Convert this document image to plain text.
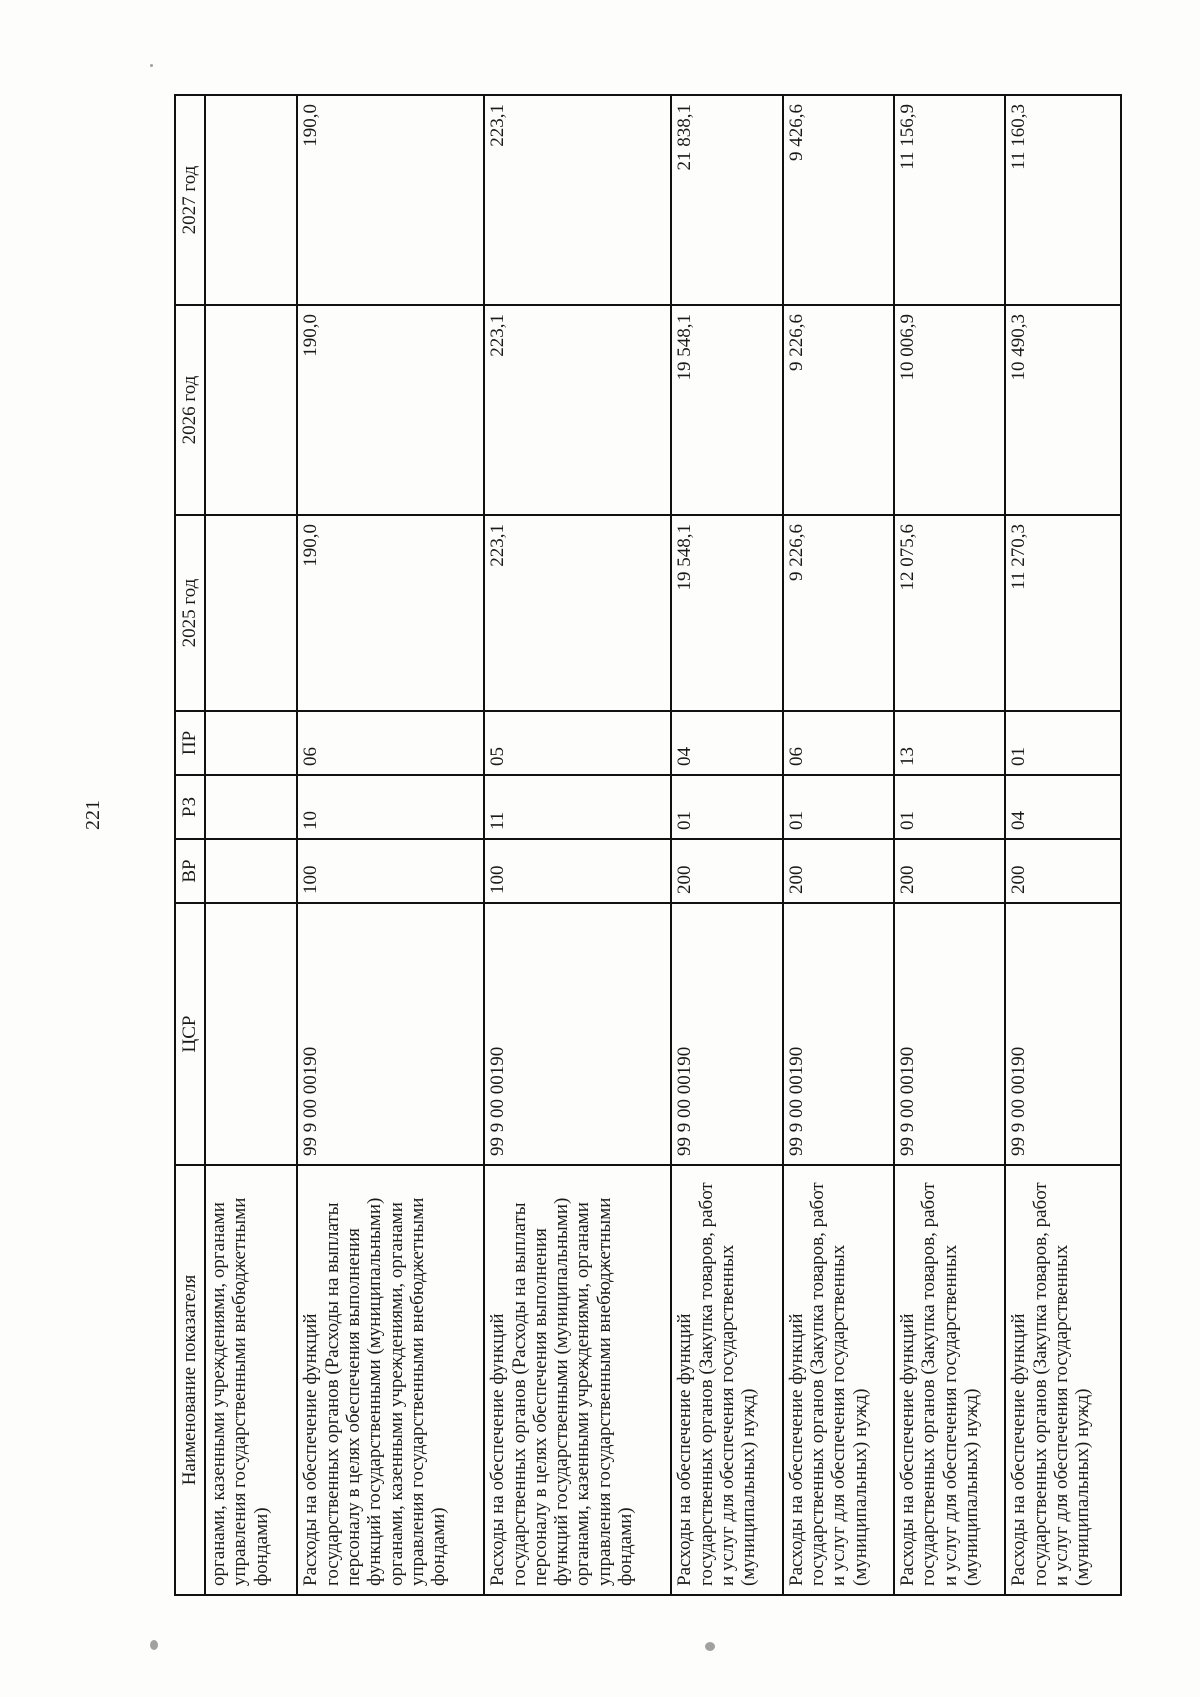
221
Наименование показателя	ЦСР	ВР	РЗ	ПР	2025 год	2026 год	2027 год
органами, казенными учреждениями, органами управления государственными внебюджетными фондами)							
Расходы на обеспечение функций государственных органов (Расходы на выплаты персоналу в целях обеспечения выполнения функций государственными (муниципальными) органами, казенными учреждениями, органами управления государственными внебюджетными фондами)	99 9 00 00190	100	10	06	190,0	190,0	190,0
Расходы на обеспечение функций государственных органов (Расходы на выплаты персоналу в целях обеспечения выполнения функций государственными (муниципальными) органами, казенными учреждениями, органами управления государственными внебюджетными фондами)	99 9 00 00190	100	11	05	223,1	223,1	223,1
Расходы на обеспечение функций государственных органов (Закупка товаров, работ и услуг для обеспечения государственных (муниципальных) нужд)	99 9 00 00190	200	01	04	19 548,1	19 548,1	21 838,1
Расходы на обеспечение функций государственных органов (Закупка товаров, работ и услуг для обеспечения государственных (муниципальных) нужд)	99 9 00 00190	200	01	06	9 226,6	9 226,6	9 426,6
Расходы на обеспечение функций государственных органов (Закупка товаров, работ и услуг для обеспечения государственных (муниципальных) нужд)	99 9 00 00190	200	01	13	12 075,6	10 006,9	11 156,9
Расходы на обеспечение функций государственных органов (Закупка товаров, работ и услуг для обеспечения государственных (муниципальных) нужд)	99 9 00 00190	200	04	01	11 270,3	10 490,3	11 160,3
